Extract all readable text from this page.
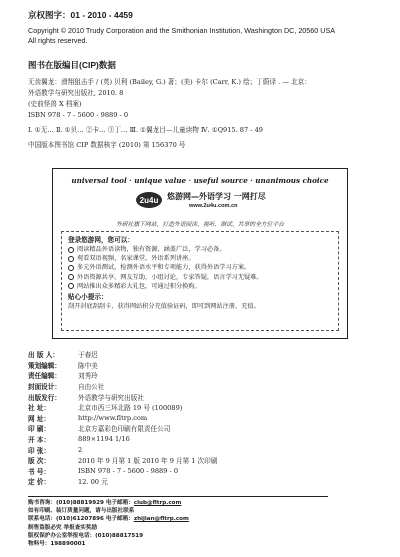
京权图字：01 - 2010 - 4459
Copyright © 2010 Trudy Corporation and the Smithonian Institution, Washington DC, 20560 USA
All rights reserved.
图书在版编目(CIP)数据
无齿翼龙：滑翔狙击手 / (英) 贝利 (Bailey, G.) 著；(美) 卡尔 (Carr, K.) 绘；丁蔚译 . — 北京：
外语教学与研究出版社, 2010. 8
(史前怪兽 X 档案)
ISBN 978 - 7 - 5600 - 9889 - 0
Ⅰ. ①无… Ⅱ. ①贝… ②卡… ③丁… Ⅲ. ①翼龙目—儿童读物 Ⅳ. ①Q915. 87 - 49
中国版本图书馆 CIP 数据核字 (2010) 第 156370 号
universal tool · unique value · useful source · unanimous choice
2u4u 悠游网—外语学习 一网打尽
www.2u4u.com.cn
外研社旗下网站，打造外语阅读、视听、测试、共享的全方位平台
登录悠游网，您可以：
阅读精品外语读物，独有资源，涵盖广泛，学习必备。
观看双语视频，名家课堂，外语系列讲座。
多元外语测试，检测外语水平和专项能力，获得外语学习方案。
外语资源共享，网友互助，小组讨论，专家答疑，语言学习无疑难。
网站推出众多精彩大礼包，可通过积分换购。
贴心小提示：
刮开封底刮刮卡，获得网站积分充值验证码，即可到网站注册、充值。
出 版 人：	于春迟
策划编辑：	陈中美
责任编辑：	刘秀玲
封面设计：	自由公社
出版发行：	外语教学与研究出版社
社 址：	北京市西三环北路 19 号 (100089)
网 址：	http://www.fltrp.com
印 刷：	北京方嘉彩色印刷有限责任公司
开 本：	889×1194 1/16
印 张：	2
版 次：	2010 年 9 月第 1 版 2010 年 9 月第 1 次印刷
书 号：	ISBN 978 - 7 - 5600 - 9889 - 0
定 价：	12. 00 元
购书咨询：(010)88819929 电子邮箱：club@fltrp.com
如有印刷、装订质量问题，请与出版社联系
联系电话：(010)61207896 电子邮箱：zhijian@fltrp.com
制售盗版必究 举报查实奖励
版权保护办公室举报电话：(010)88817519
物料号：198890001
